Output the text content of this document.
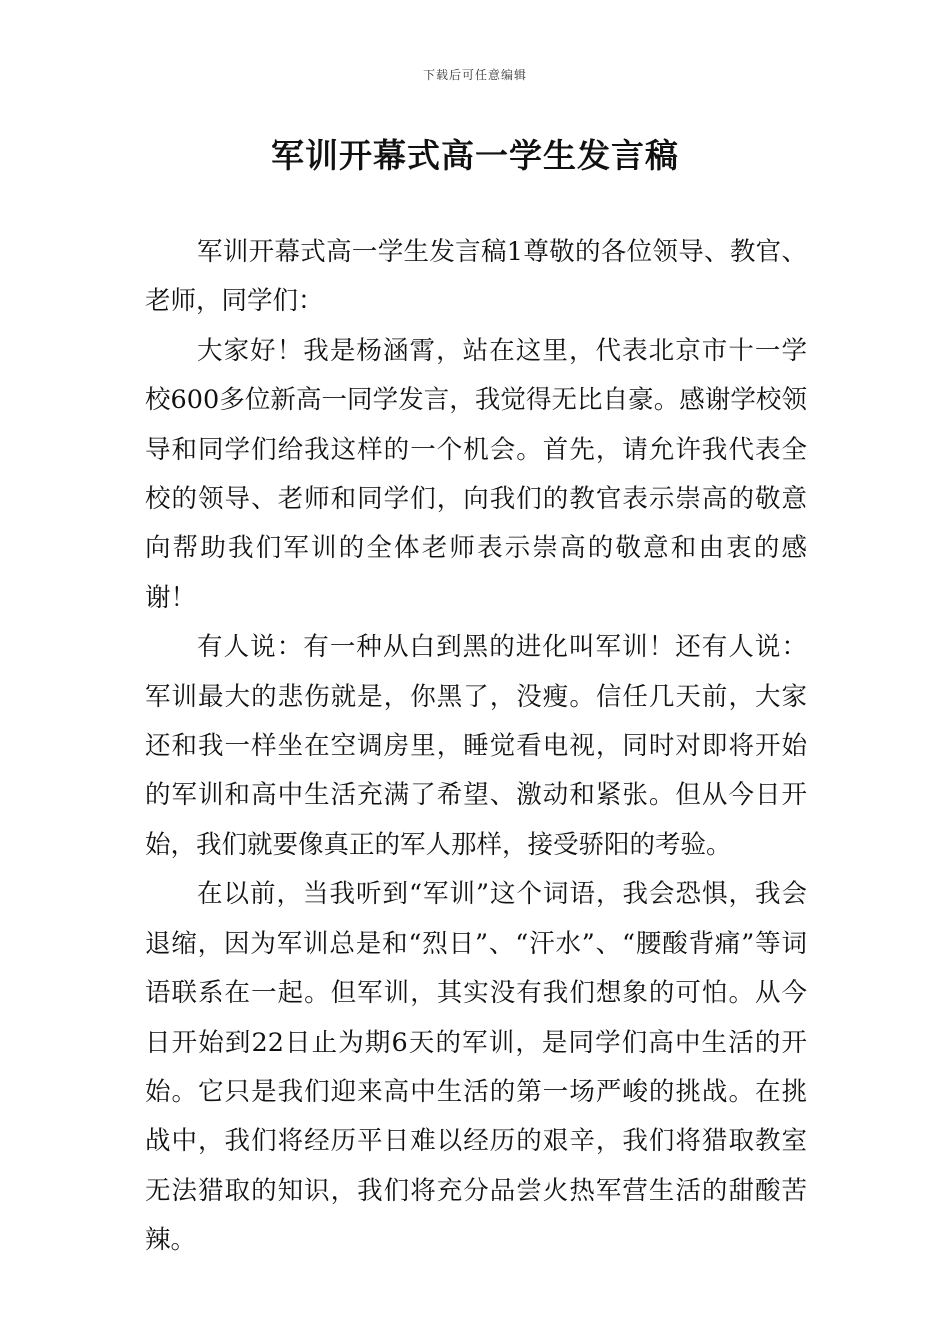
下载后可任意编辑
军训开幕式高一学生发言稿

军训开幕式高一学生发言稿1尊敬的各位领导、教官、老师，同学们：

大家好！我是杨涵霄，站在这里，代表北京市十一学校600多位新高一同学发言，我觉得无比自豪。感谢学校领导和同学们给我这样的一个机会。首先，请允许我代表全校的领导、老师和同学们，向我们的教官表示崇高的敬意向帮助我们军训的全体老师表示崇高的敬意和由衷的感谢！

有人说：有一种从白到黑的进化叫军训！还有人说：军训最大的悲伤就是，你黑了，没瘦。信任几天前，大家还和我一样坐在空调房里，睡觉看电视，同时对即将开始的军训和高中生活充满了希望、激动和紧张。但从今日开始，我们就要像真正的军人那样，接受骄阳的考验。

在以前，当我听到“军训”这个词语，我会恐惧，我会退缩，因为军训总是和“烈日”、“汗水”、“腰酸背痛”等词语联系在一起。但军训，其实没有我们想象的可怕。从今日开始到22日止为期6天的军训，是同学们高中生活的开始。它只是我们迎来高中生活的第一场严峻的挑战。在挑战中，我们将经历平日难以经历的艰辛，我们将猎取教室无法猎取的知识，我们将充分品尝火热军营生活的甜酸苦辣。
